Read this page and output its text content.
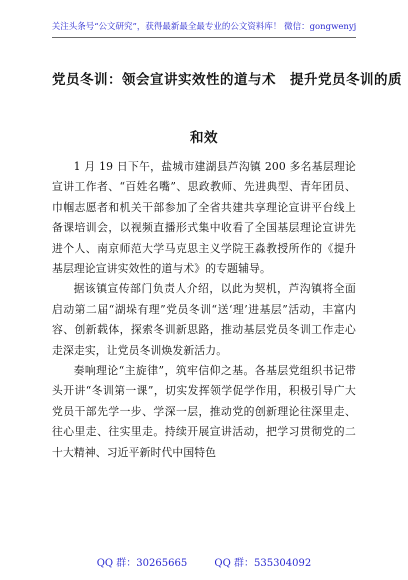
关注头条号“公文研究”，获得最新最全最专业的公文资料库！ 微信：gongwenyj
党员冬训：领会宣讲实效性的道与术　提升党员冬训的质
和效

1 月 19 日下午，盐城市建湖县芦沟镇 200 多名基层理论宣讲工作者、“百姓名嘴”、思政教师、先进典型、青年团员、巾帼志愿者和机关干部参加了全省共建共享理论宣讲平台线上备课培训会，以视频直播形式集中收看了全国基层理论宣讲先进个人、南京师范大学马克思主义学院王淼教授所作的《提升基层理论宣讲实效性的道与术》的专题辅导。

据该镇宣传部门负责人介绍，以此为契机，芦沟镇将全面启动第二届“湖垛有理”党员冬训“送‘理’进基层”活动，丰富内容、创新载体，探索冬训新思路，推动基层党员冬训工作走心走深走实，让党员冬训焕发新活力。

奏响理论“主旋律”，筑牢信仰之基。各基层党组织书记带头开讲“冬训第一课”，切实发挥领学促学作用，积极引导广大党员干部先学一步、学深一层，推动党的创新理论往深里走、往心里走、往实里走。持续开展宣讲活动，把学习贯彻党的二十大精神、习近平新时代中国特色

QQ 群：30265665	QQ 群：535304092
